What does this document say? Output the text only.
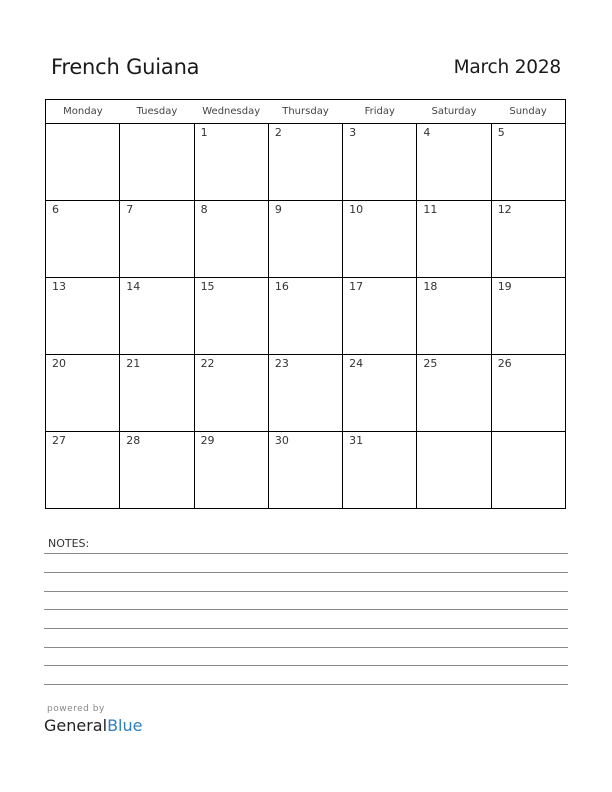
French Guiana	March 2028
Monday	Tuesday	Wednesday	Thursday	Friday	Saturday	Sunday

		1	2	3	4	5

6	7	8	9	10	11	12

13	14	15	16	17	18	19

20	21	22	23	24	25	26

27	28	29	30	31		

NOTES:
powered by
GeneralBlue
